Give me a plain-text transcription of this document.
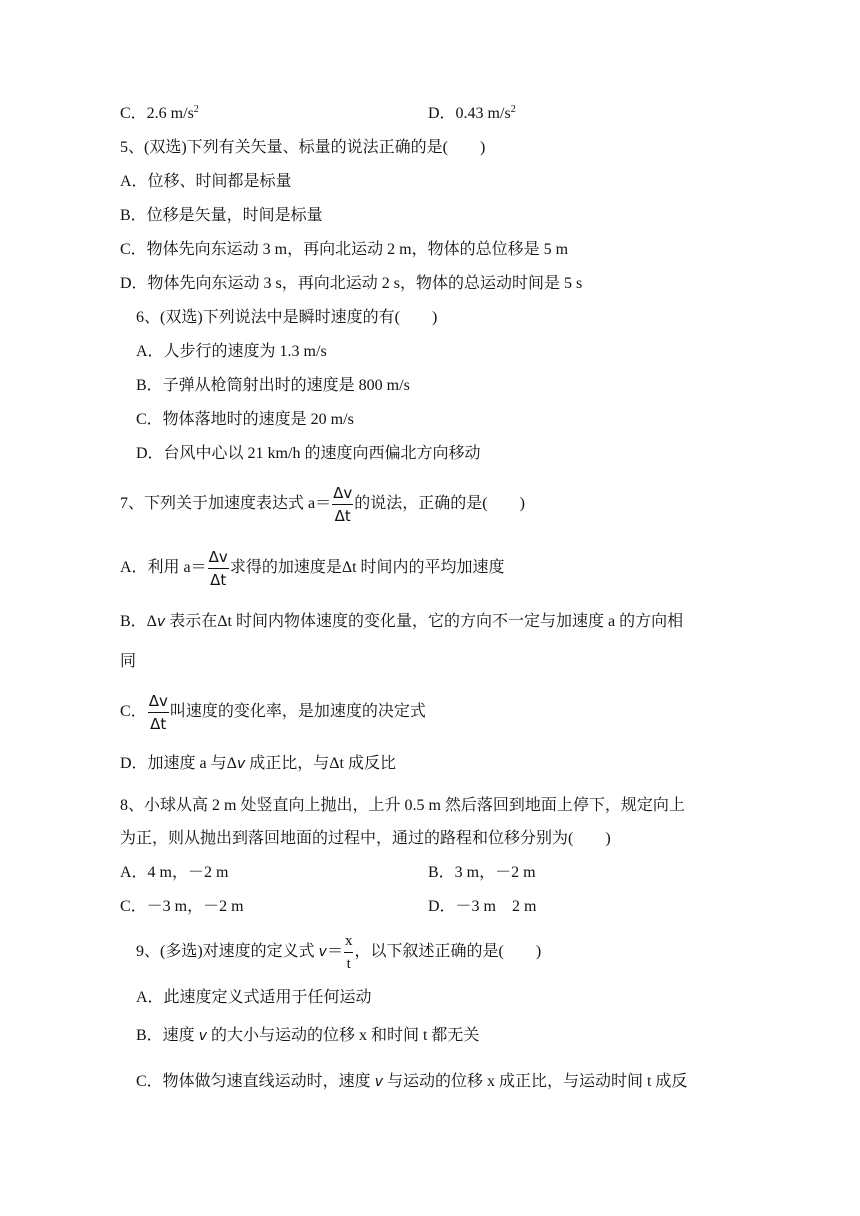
C．2.6 $m/s^2$	D．0.43 $m/s^2$
5、(双选)下列有关矢量、标量的说法正确的是(　　)
A．位移、时间都是标量
B．位移是矢量，时间是标量
C．物体先向东运动 3 m，再向北运动 2 m，物体的总位移是 5 m
D．物体先向东运动 3 s，再向北运动 2 s，物体的总运动时间是 5 s
6、(双选)下列说法中是瞬时速度的有(　　)
A．人步行的速度为 1.3 m/s
B．子弹从枪筒射出时的速度是 800 m/s
C．物体落地时的速度是 20 m/s
D．台风中心以 21 km/h 的速度向西偏北方向移动
7、下列关于加速度表达式 $a= \frac{\Delta v}{\Delta t}$ 的说法，正确的是(　　)
A．利用 $a= \frac{\Delta v}{\Delta t}$ 求得的加速度是Δt 时间内的平均加速度
B．Δv 表示在Δt 时间内物体速度的变化量，它的方向不一定与加速度 a 的方向相
同
C． $\frac{\Delta v}{\Delta t}$ 叫速度的变化率，是加速度的决定式
D．加速度 a 与Δv 成正比，与Δt 成反比
8、小球从高 2 m 处竖直向上抛出，上升 0.5 m 然后落回到地面上停下，规定向上
为正，则从抛出到落回地面的过程中，通过的路程和位移分别为(　　)
A．4 m，－2 m	B．3 m，－2 m
C．－3 m，－2 m	D．－3 m　2 m
9、(多选)对速度的定义式 $v= \frac{x}{t}$ ，以下叙述正确的是(　　)
A．此速度定义式适用于任何运动
B．速度 v 的大小与运动的位移 x 和时间 t 都无关
C．物体做匀速直线运动时，速度 v 与运动的位移 x 成正比，与运动时间 t 成反
